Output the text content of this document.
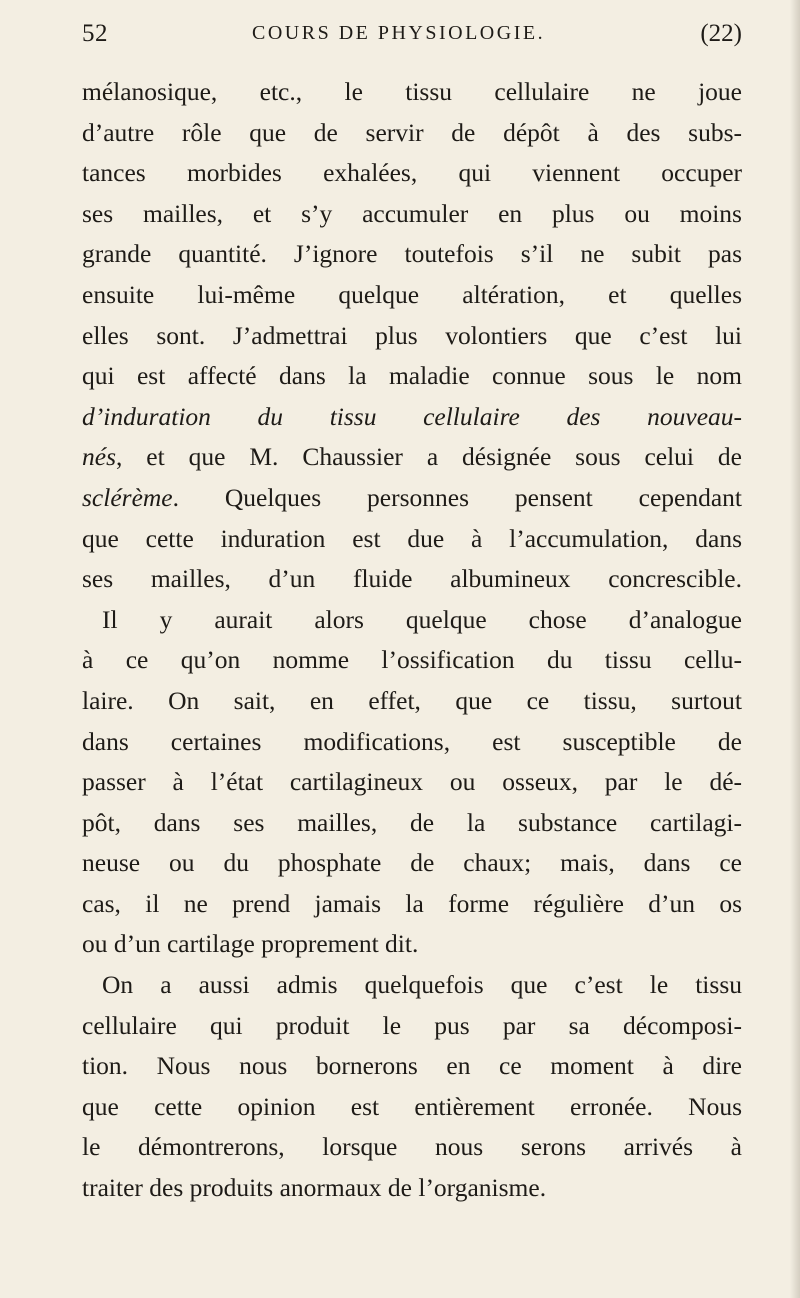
52	COURS DE PHYSIOLOGIE.	(22)
mélanosique, etc., le tissu cellulaire ne joue
d’autre rôle que de servir de dépôt à des subs-
tances morbides exhalées, qui viennent occuper
ses mailles, et s’y accumuler en plus ou moins
grande quantité. J’ignore toutefois s’il ne subit pas
ensuite lui-même quelque altération, et quelles
elles sont. J’admettrai plus volontiers que c’est lui
qui est affecté dans la maladie connue sous le nom
d’induration du tissu cellulaire des nouveau-
nés, et que M. Chaussier a désignée sous celui de
sclérème. Quelques personnes pensent cependant
que cette induration est due à l’accumulation, dans
ses mailles, d’un fluide albumineux concrescible.
Il y aurait alors quelque chose d’analogue
à ce qu’on nomme l’ossification du tissu cellu-
laire. On sait, en effet, que ce tissu, surtout
dans certaines modifications, est susceptible de
passer à l’état cartilagineux ou osseux, par le dé-
pôt, dans ses mailles, de la substance cartilagi-
neuse ou du phosphate de chaux; mais, dans ce
cas, il ne prend jamais la forme régulière d’un os
ou d’un cartilage proprement dit.
On a aussi admis quelquefois que c’est le tissu
cellulaire qui produit le pus par sa décomposi-
tion. Nous nous bornerons en ce moment à dire
que cette opinion est entièrement erronée. Nous
le démontrerons, lorsque nous serons arrivés à
traiter des produits anormaux de l’organisme.
